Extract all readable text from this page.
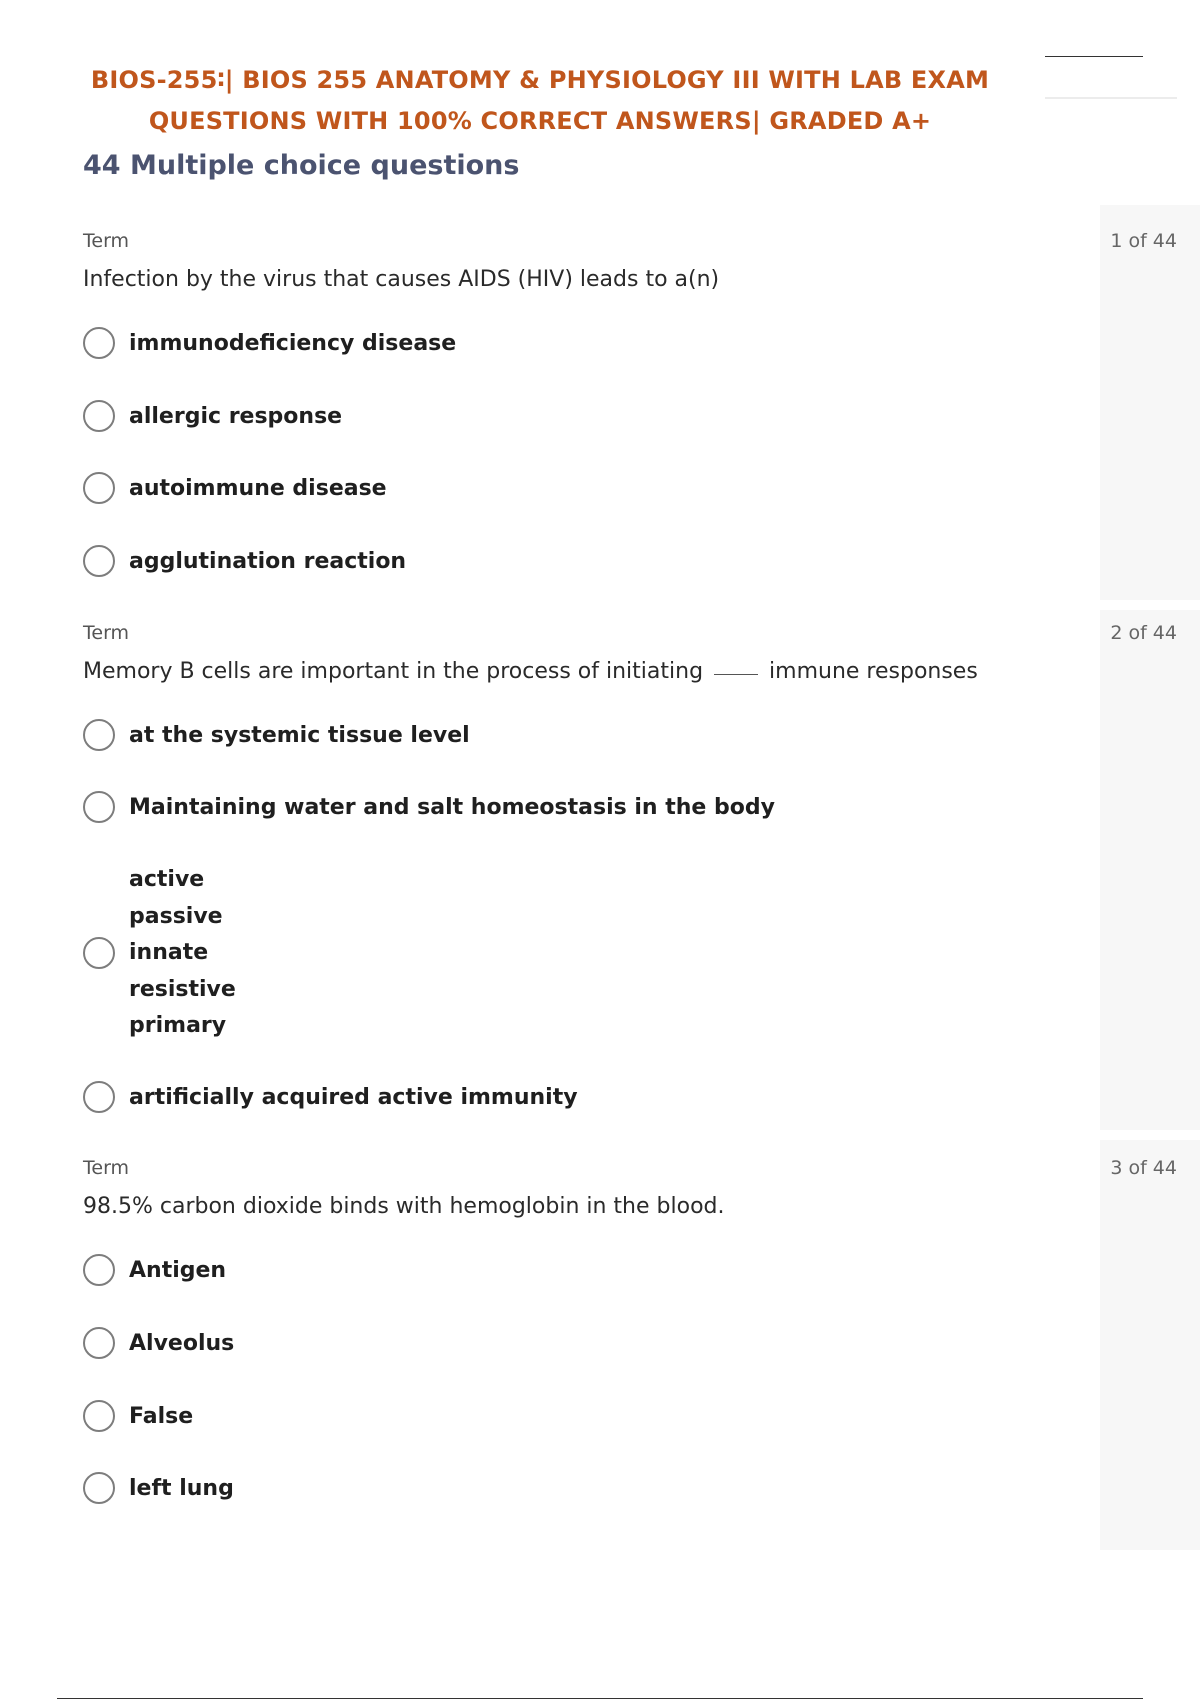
BIOS-255∶| BIOS 255 ANATOMY & PHYSIOLOGY III WITH LAB EXAM
QUESTIONS WITH 100% CORRECT ANSWERS| GRADED A+
44 Multiple choice questions
Term	1 of 44

Infection by the virus that causes AIDS (HIV) leads to a(n)

immunodeficiency disease
allergic response
autoimmune disease
agglutination reaction
Term	2 of 44

Memory B cells are important in the process of initiating	immune responses

at the systemic tissue level
Maintaining water and salt homeostasis in the body
active
passive
innate
resistive
primary
artificially acquired active immunity
Term	3 of 44

98.5% carbon dioxide binds with hemoglobin in the blood.

Antigen
Alveolus
False
left lung
